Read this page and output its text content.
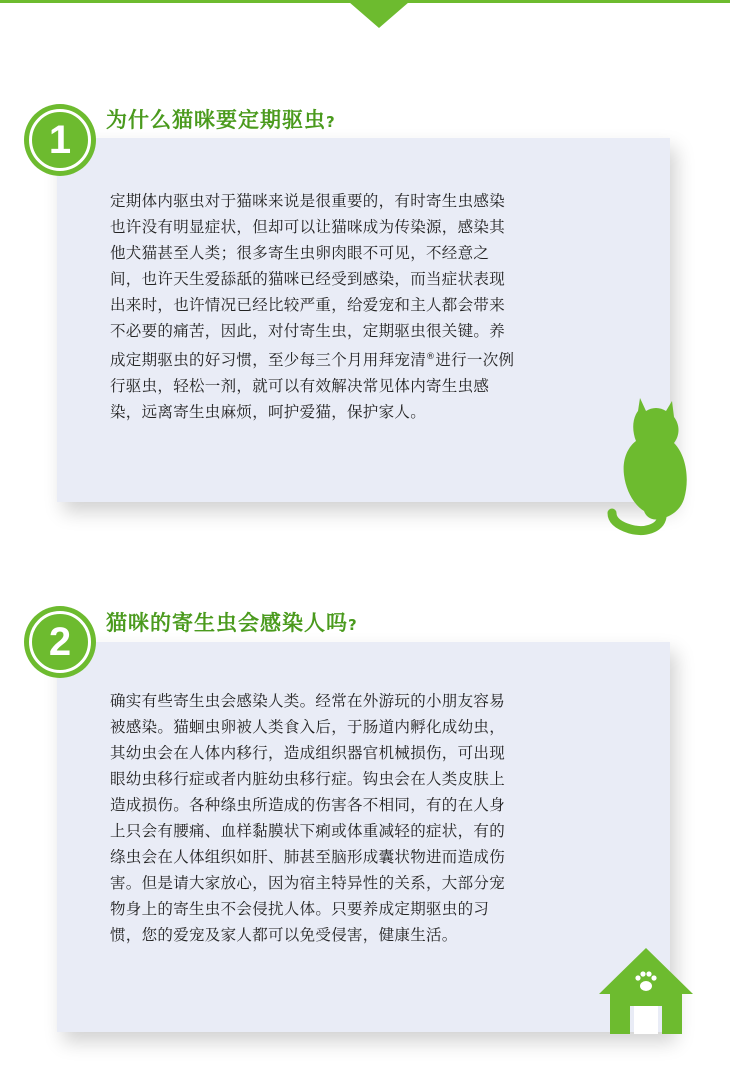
1	为什么猫咪要定期驱虫?
定期体内驱虫对于猫咪来说是很重要的，有时寄生虫感染
也许没有明显症状，但却可以让猫咪成为传染源，感染其
他犬猫甚至人类；很多寄生虫卵肉眼不可见，不经意之
间，也许天生爱舔舐的猫咪已经受到感染，而当症状表现
出来时，也许情况已经比较严重，给爱宠和主人都会带来
不必要的痛苦，因此，对付寄生虫，定期驱虫很关键。养
成定期驱虫的好习惯，至少每三个月用拜宠清®进行一次例
行驱虫，轻松一剂，就可以有效解决常见体内寄生虫感
染，远离寄生虫麻烦，呵护爱猫，保护家人。
2	猫咪的寄生虫会感染人吗?
确实有些寄生虫会感染人类。经常在外游玩的小朋友容易
被感染。猫蛔虫卵被人类食入后，于肠道内孵化成幼虫，
其幼虫会在人体内移行，造成组织器官机械损伤，可出现
眼幼虫移行症或者内脏幼虫移行症。钩虫会在人类皮肤上
造成损伤。各种绦虫所造成的伤害各不相同，有的在人身
上只会有腰痛、血样黏膜状下痢或体重减轻的症状，有的
绦虫会在人体组织如肝、肺甚至脑形成囊状物进而造成伤
害。但是请大家放心，因为宿主特异性的关系，大部分宠
物身上的寄生虫不会侵扰人体。只要养成定期驱虫的习
惯，您的爱宠及家人都可以免受侵害，健康生活。
